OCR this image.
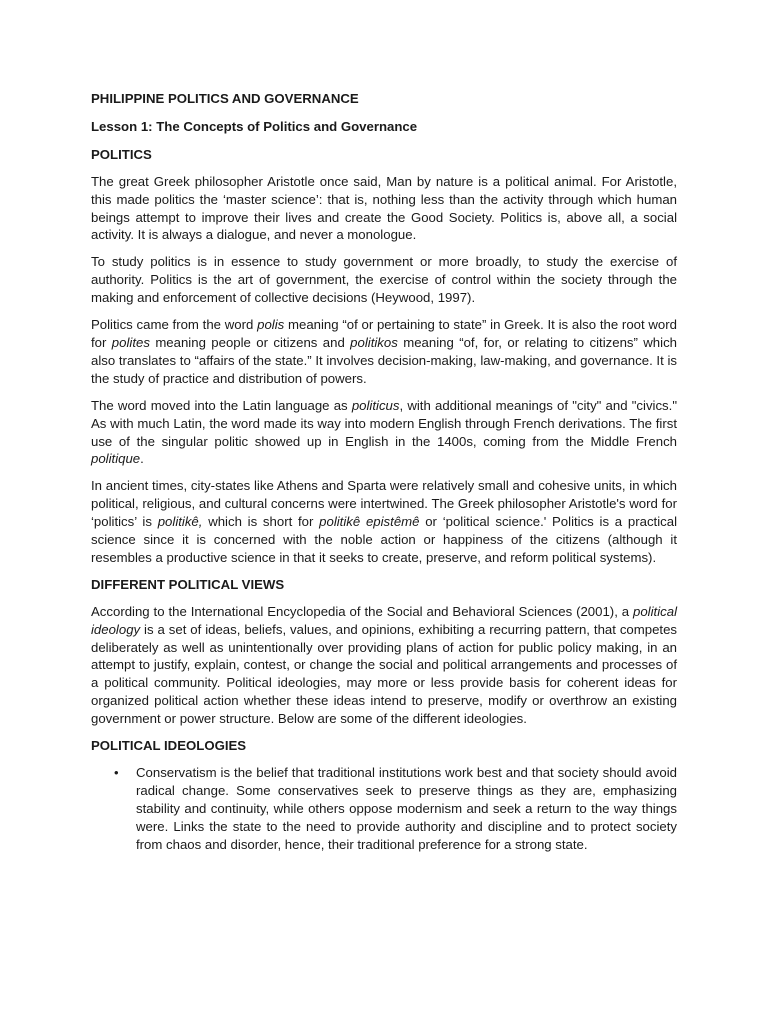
PHILIPPINE POLITICS AND GOVERNANCE
Lesson 1: The Concepts of Politics and Governance
POLITICS

The great Greek philosopher Aristotle once said, Man by nature is a political animal. For Aristotle, this made politics the ‘master science’: that is, nothing less than the activity through which human beings attempt to improve their lives and create the Good Society. Politics is, above all, a social activity. It is always a dialogue, and never a monologue.

To study politics is in essence to study government or more broadly, to study the exercise of authority. Politics is the art of government, the exercise of control within the society through the making and enforcement of collective decisions (Heywood, 1997).

Politics came from the word polis meaning “of or pertaining to state” in Greek. It is also the root word for polites meaning people or citizens and politikos meaning “of, for, or relating to citizens” which also translates to “affairs of the state.” It involves decision-making, law-making, and governance. It is the study of practice and distribution of powers.

The word moved into the Latin language as politicus, with additional meanings of "city" and "civics." As with much Latin, the word made its way into modern English through French derivations. The first use of the singular politic showed up in English in the 1400s, coming from the Middle French politique.

In ancient times, city-states like Athens and Sparta were relatively small and cohesive units, in which political, religious, and cultural concerns were intertwined. The Greek philosopher Aristotle's word for ‘politics’ is politikê, which is short for politikê epistêmê or ‘political science.' Politics is a practical science since it is concerned with the noble action or happiness of the citizens (although it resembles a productive science in that it seeks to create, preserve, and reform political systems).

DIFFERENT POLITICAL VIEWS

According to the International Encyclopedia of the Social and Behavioral Sciences (2001), a political ideology is a set of ideas, beliefs, values, and opinions, exhibiting a recurring pattern, that competes deliberately as well as unintentionally over providing plans of action for public policy making, in an attempt to justify, explain, contest, or change the social and political arrangements and processes of a political community. Political ideologies, may more or less provide basis for coherent ideas for organized political action whether these ideas intend to preserve, modify or overthrow an existing government or power structure. Below are some of the different ideologies.

POLITICAL IDEOLOGIES
• Conservatism is the belief that traditional institutions work best and that society should avoid radical change. Some conservatives seek to preserve things as they are, emphasizing stability and continuity, while others oppose modernism and seek a return to the way things were. Links the state to the need to provide authority and discipline and to protect society from chaos and disorder, hence, their traditional preference for a strong state.
